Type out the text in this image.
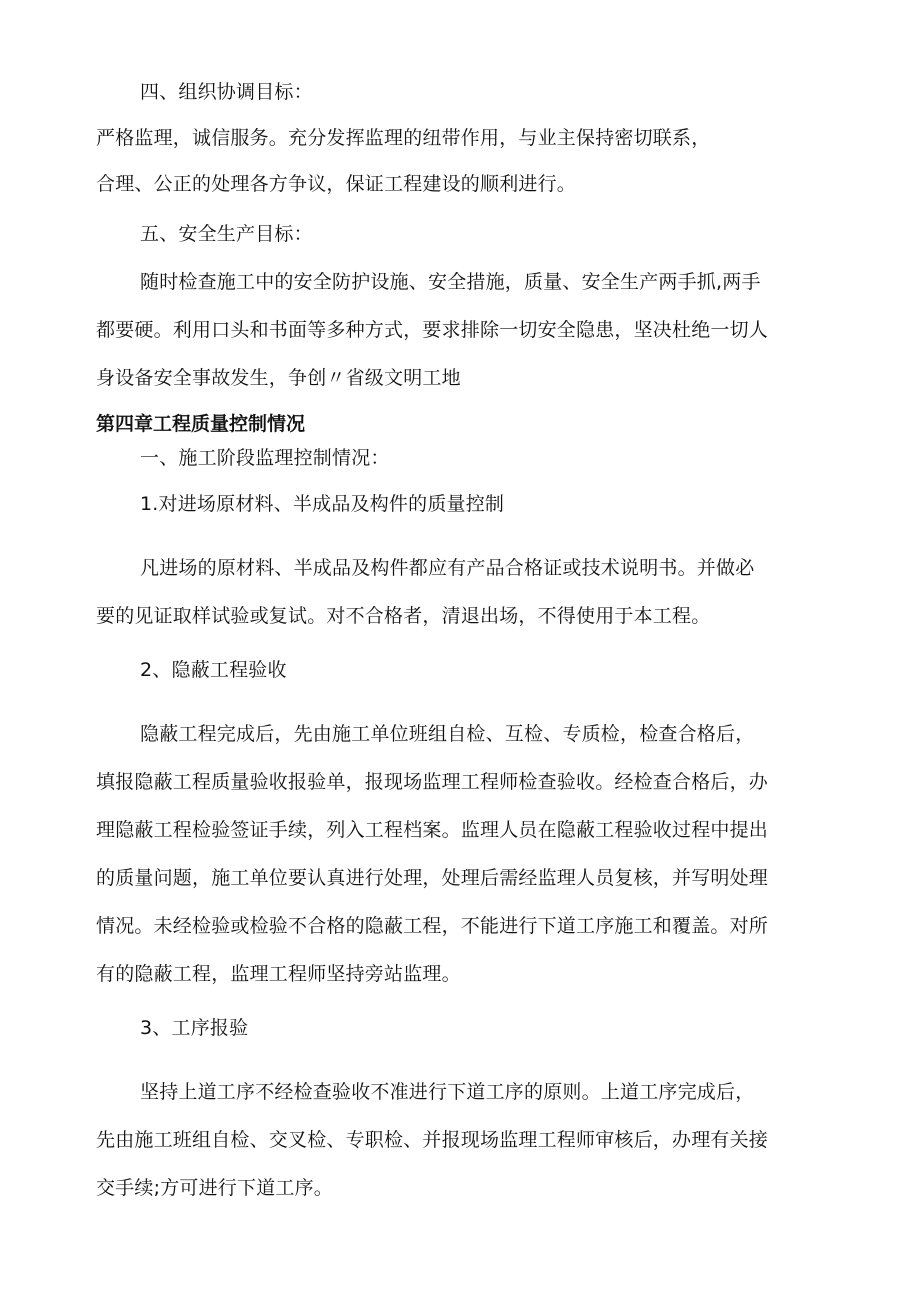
四、组织协调目标：
严格监理，诚信服务。充分发挥监理的纽带作用，与业主保持密切联系，
合理、公正的处理各方争议，保证工程建设的顺利进行。
五、安全生产目标：
随时检查施工中的安全防护设施、安全措施，质量、安全生产两手抓,两手
都要硬。利用口头和书面等多种方式，要求排除一切安全隐患，坚决杜绝一切人
身设备安全事故发生，争创〃省级文明工地
第四章工程质量控制情况
一、施工阶段监理控制情况：
1.对进场原材料、半成品及构件的质量控制
凡进场的原材料、半成品及构件都应有产品合格证或技术说明书。并做必
要的见证取样试验或复试。对不合格者，清退出场，不得使用于本工程。
2、隐蔽工程验收
隐蔽工程完成后，先由施工单位班组自检、互检、专质检，检查合格后，
填报隐蔽工程质量验收报验单，报现场监理工程师检查验收。经检查合格后，办
理隐蔽工程检验签证手续，列入工程档案。监理人员在隐蔽工程验收过程中提出
的质量问题，施工单位要认真进行处理，处理后需经监理人员复核，并写明处理
情况。未经检验或检验不合格的隐蔽工程，不能进行下道工序施工和覆盖。对所
有的隐蔽工程，监理工程师坚持旁站监理。
3、工序报验
坚持上道工序不经检查验收不准进行下道工序的原则。上道工序完成后，
先由施工班组自检、交叉检、专职检、并报现场监理工程师审核后，办理有关接
交手续;方可进行下道工序。
